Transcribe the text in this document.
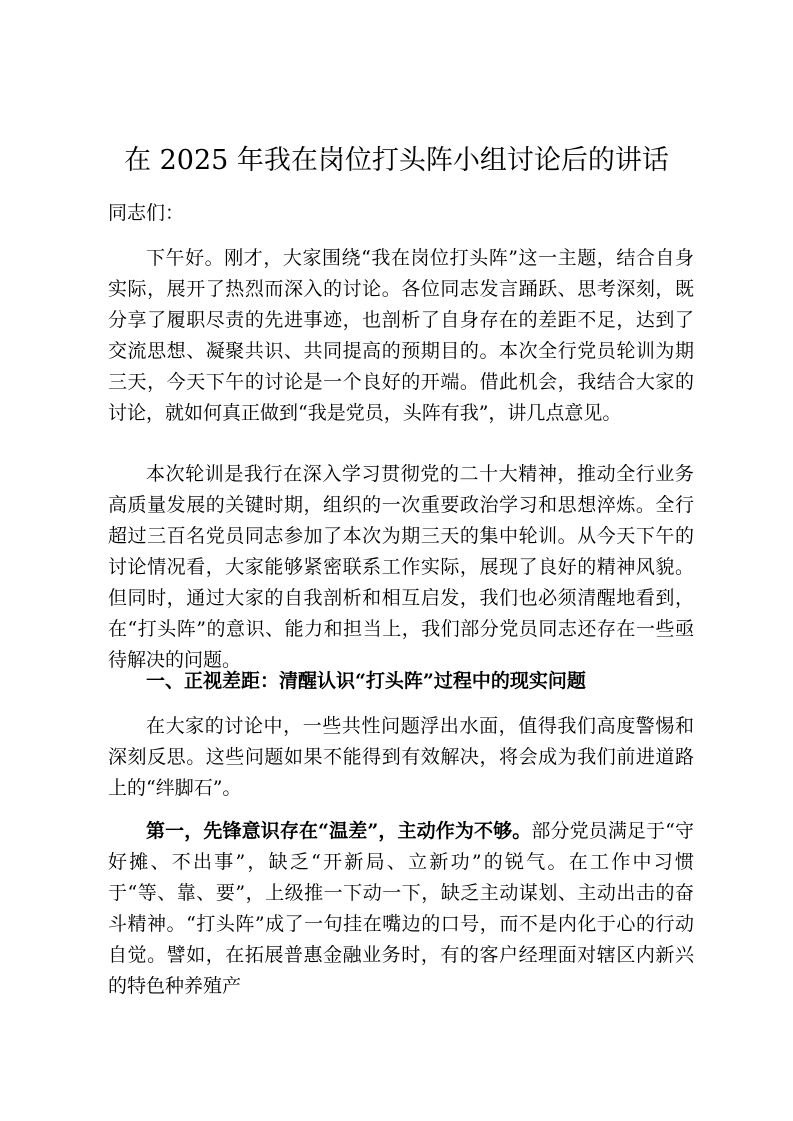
在 2025 年我在岗位打头阵小组讨论后的讲话
同志们：

下午好。刚才，大家围绕“我在岗位打头阵”这一主题，结合自身实际，展开了热烈而深入的讨论。各位同志发言踊跃、思考深刻，既分享了履职尽责的先进事迹，也剖析了自身存在的差距不足，达到了交流思想、凝聚共识、共同提高的预期目的。本次全行党员轮训为期三天，今天下午的讨论是一个良好的开端。借此机会，我结合大家的讨论，就如何真正做到“我是党员，头阵有我”，讲几点意见。

本次轮训是我行在深入学习贯彻党的二十大精神，推动全行业务高质量发展的关键时期，组织的一次重要政治学习和思想淬炼。全行超过三百名党员同志参加了本次为期三天的集中轮训。从今天下午的讨论情况看，大家能够紧密联系工作实际，展现了良好的精神风貌。但同时，通过大家的自我剖析和相互启发，我们也必须清醒地看到，在“打头阵”的意识、能力和担当上，我们部分党员同志还存在一些亟待解决的问题。

一、正视差距：清醒认识“打头阵”过程中的现实问题

在大家的讨论中，一些共性问题浮出水面，值得我们高度警惕和深刻反思。这些问题如果不能得到有效解决，将会成为我们前进道路上的“绊脚石”。

第一，先锋意识存在“温差”，主动作为不够。部分党员满足于“守好摊、不出事”，缺乏“开新局、立新功”的锐气。在工作中习惯于“等、靠、要”，上级推一下动一下，缺乏主动谋划、主动出击的奋斗精神。“打头阵”成了一句挂在嘴边的口号，而不是内化于心的行动自觉。譬如，在拓展普惠金融业务时，有的客户经理面对辖区内新兴的特色种养殖产
